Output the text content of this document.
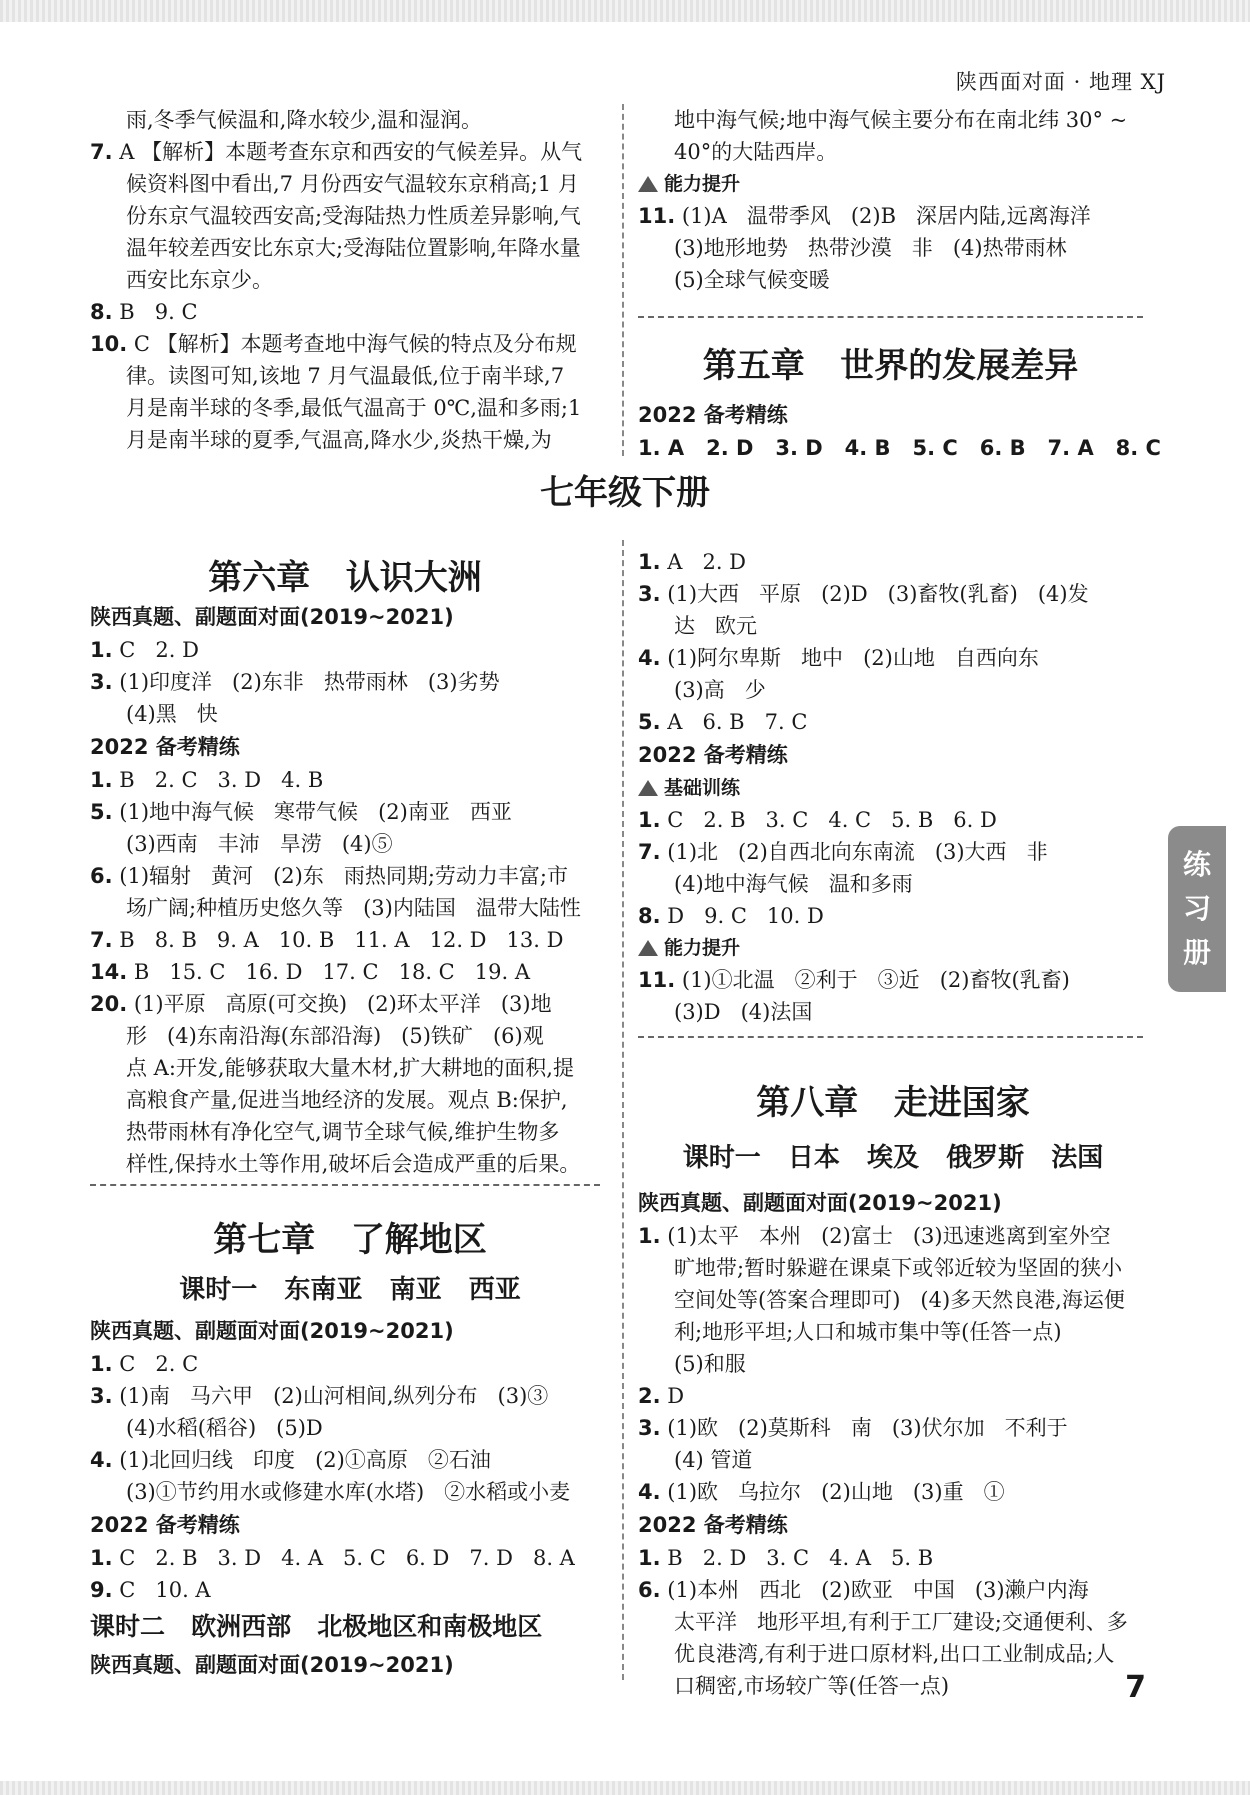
陕西面对面 · 地理 XJ
雨,冬季气候温和,降水较少,温和湿润。
7. A 【解析】本题考查东京和西安的气候差异。从气
候资料图中看出,7 月份西安气温较东京稍高;1 月
份东京气温较西安高;受海陆热力性质差异影响,气
温年较差西安比东京大;受海陆位置影响,年降水量
西安比东京少。
8. B   9. C
10. C 【解析】本题考查地中海气候的特点及分布规
律。读图可知,该地 7 月气温最低,位于南半球,7
月是南半球的冬季,最低气温高于 0℃,温和多雨;1
月是南半球的夏季,气温高,降水少,炎热干燥,为
地中海气候;地中海气候主要分布在南北纬 30° ~
40°的大陆西岸。
能力提升
11. (1)A   温带季风   (2)B   深居内陆,远离海洋
(3)地形地势   热带沙漠   非   (4)热带雨林
(5)全球气候变暖
第五章   世界的发展差异
2022 备考精练
1. A   2. D   3. D   4. B   5. C   6. B   7. A   8. C
七年级下册
第六章   认识大洲
陕西真题、副题面对面(2019~2021)
1. C   2. D
3. (1)印度洋   (2)东非   热带雨林   (3)劣势
(4)黑   快
2022 备考精练
1. B   2. C   3. D   4. B
5. (1)地中海气候   寒带气候   (2)南亚   西亚
(3)西南   丰沛   旱涝   (4)⑤
6. (1)辐射   黄河   (2)东   雨热同期;劳动力丰富;市
场广阔;种植历史悠久等   (3)内陆国   温带大陆性
7. B   8. B   9. A   10. B   11. A   12. D   13. D
14. B   15. C   16. D   17. C   18. C   19. A
20. (1)平原   高原(可交换)   (2)环太平洋   (3)地
形   (4)东南沿海(东部沿海)   (5)铁矿   (6)观
点 A:开发,能够获取大量木材,扩大耕地的面积,提
高粮食产量,促进当地经济的发展。观点 B:保护,
热带雨林有净化空气,调节全球气候,维护生物多
样性,保持水土等作用,破坏后会造成严重的后果。
第七章   了解地区
课时一   东南亚   南亚   西亚
陕西真题、副题面对面(2019~2021)
1. C   2. C
3. (1)南   马六甲   (2)山河相间,纵列分布   (3)③
(4)水稻(稻谷)   (5)D
4. (1)北回归线   印度   (2)①高原   ②石油
(3)①节约用水或修建水库(水塔)   ②水稻或小麦
2022 备考精练
1. C   2. B   3. D   4. A   5. C   6. D   7. D   8. A
9. C   10. A
课时二   欧洲西部   北极地区和南极地区
陕西真题、副题面对面(2019~2021)
1. A   2. D
3. (1)大西   平原   (2)D   (3)畜牧(乳畜)   (4)发
达   欧元
4. (1)阿尔卑斯   地中   (2)山地   自西向东
(3)高   少
5. A   6. B   7. C
2022 备考精练
基础训练
1. C   2. B   3. C   4. C   5. B   6. D
7. (1)北   (2)自西北向东南流   (3)大西   非
(4)地中海气候   温和多雨
8. D   9. C   10. D
能力提升
11. (1)①北温   ②利于   ③近   (2)畜牧(乳畜)
(3)D   (4)法国
第八章   走进国家
课时一   日本   埃及   俄罗斯   法国
陕西真题、副题面对面(2019~2021)
1. (1)太平   本州   (2)富士   (3)迅速逃离到室外空
旷地带;暂时躲避在课桌下或邻近较为坚固的狭小
空间处等(答案合理即可)   (4)多天然良港,海运便
利;地形平坦;人口和城市集中等(任答一点)
(5)和服
2. D
3. (1)欧   (2)莫斯科   南   (3)伏尔加   不利于
(4) 管道
4. (1)欧   乌拉尔   (2)山地   (3)重   ①
2022 备考精练
1. B   2. D   3. C   4. A   5. B
6. (1)本州   西北   (2)欧亚   中国   (3)濑户内海
太平洋   地形平坦,有利于工厂建设;交通便利、多
优良港湾,有利于进口原材料,出口工业制成品;人
口稠密,市场较广等(任答一点)
练
习
册
7
